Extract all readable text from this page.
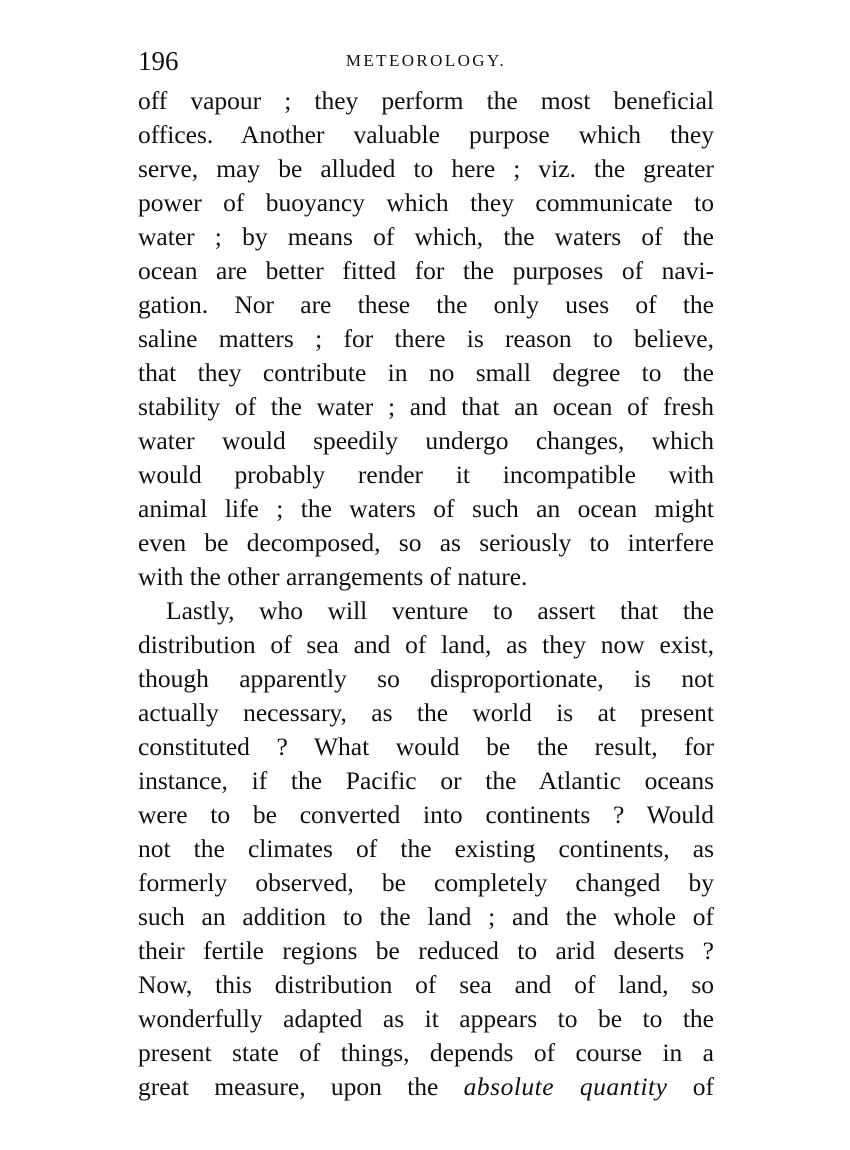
196	METEOROLOGY.
off vapour ; they perform the most beneficial
offices. Another valuable purpose which they
serve, may be alluded to here ; viz. the greater
power of buoyancy which they communicate to
water ; by means of which, the waters of the
ocean are better fitted for the purposes of navi-
gation. Nor are these the only uses of the
saline matters ; for there is reason to believe,
that they contribute in no small degree to the
stability of the water ; and that an ocean of fresh
water would speedily undergo changes, which
would probably render it incompatible with
animal life ; the waters of such an ocean might
even be decomposed, so as seriously to interfere
with the other arrangements of nature.
Lastly, who will venture to assert that the
distribution of sea and of land, as they now exist,
though apparently so disproportionate, is not
actually necessary, as the world is at present
constituted ? What would be the result, for
instance, if the Pacific or the Atlantic oceans
were to be converted into continents ? Would
not the climates of the existing continents, as
formerly observed, be completely changed by
such an addition to the land ; and the whole of
their fertile regions be reduced to arid deserts ?
Now, this distribution of sea and of land, so
wonderfully adapted as it appears to be to the
present state of things, depends of course in a
great measure, upon the absolute quantity of
